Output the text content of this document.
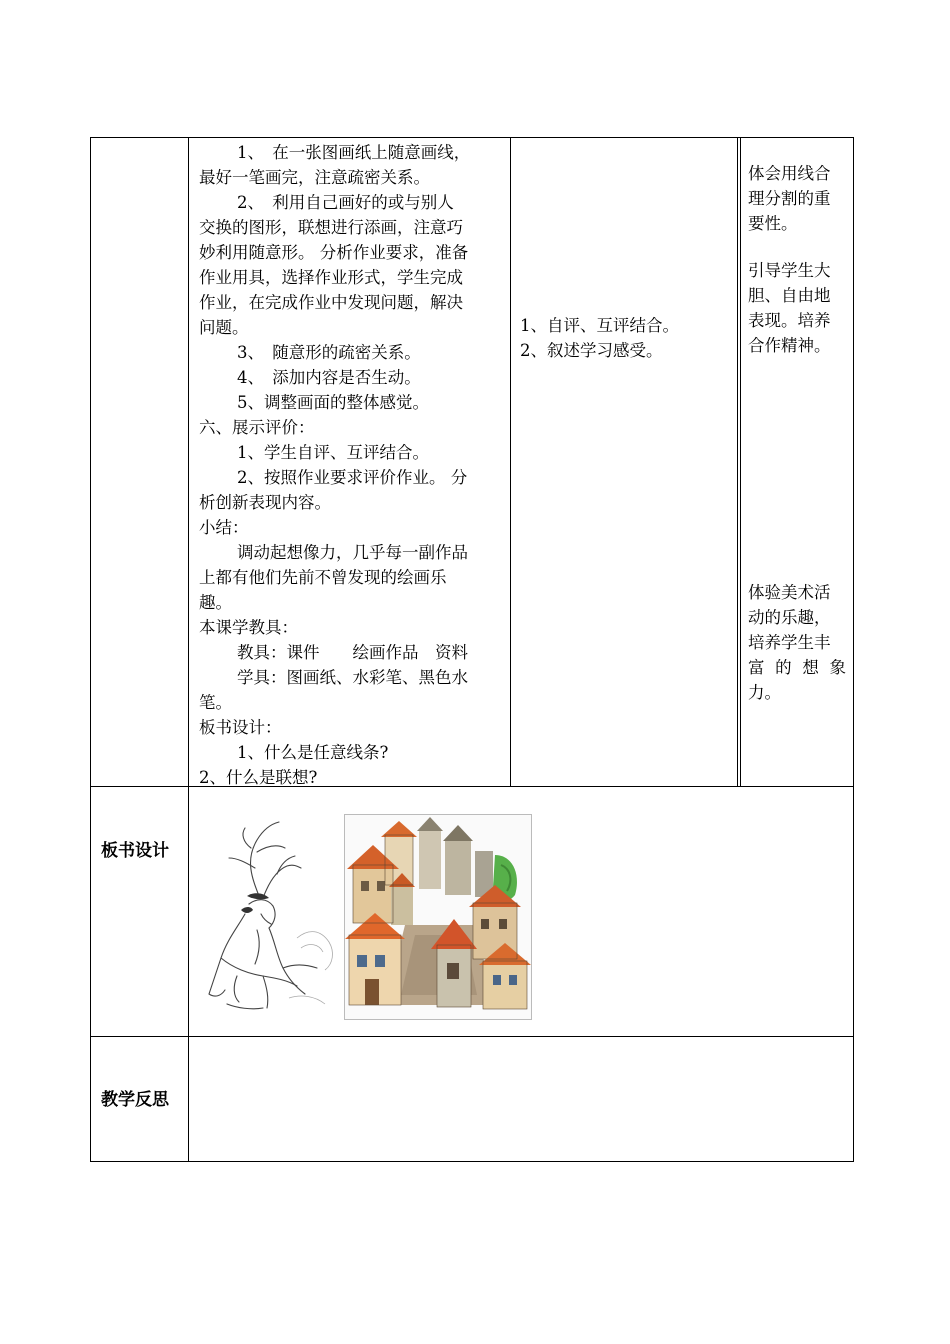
1、　在一张图画纸上随意画线，

最好一笔画完，注意疏密关系。

2、　利用自己画好的或与别人

交换的图形，联想进行添画，注意巧

妙利用随意形。 分析作业要求，准备

作业用具，选择作业形式，学生完成

作业，在完成作业中发现问题，解决

问题。

3、　随意形的疏密关系。

4、　添加内容是否生动。

5、调整画面的整体感觉。

六、展示评价：

1、学生自评、互评结合。

2、按照作业要求评价作业。 分

析创新表现内容。

小结：

调动起想像力，几乎每一副作品

上都有他们先前不曾发现的绘画乐

趣。

本课学教具：

教具：课件　　绘画作品　资料

学具：图画纸、水彩笔、黑色水

笔。

板书设计：

1、什么是任意线条?

2、什么是联想?

1、自评、互评结合。

2、叙述学习感受。

体会用线合

理分割的重

要性。

引导学生大

胆、自由地

表现。培养

合作精神。

体验美术活

动的乐趣，

培养学生丰

富的想象

力。

板书设计
教学反思
